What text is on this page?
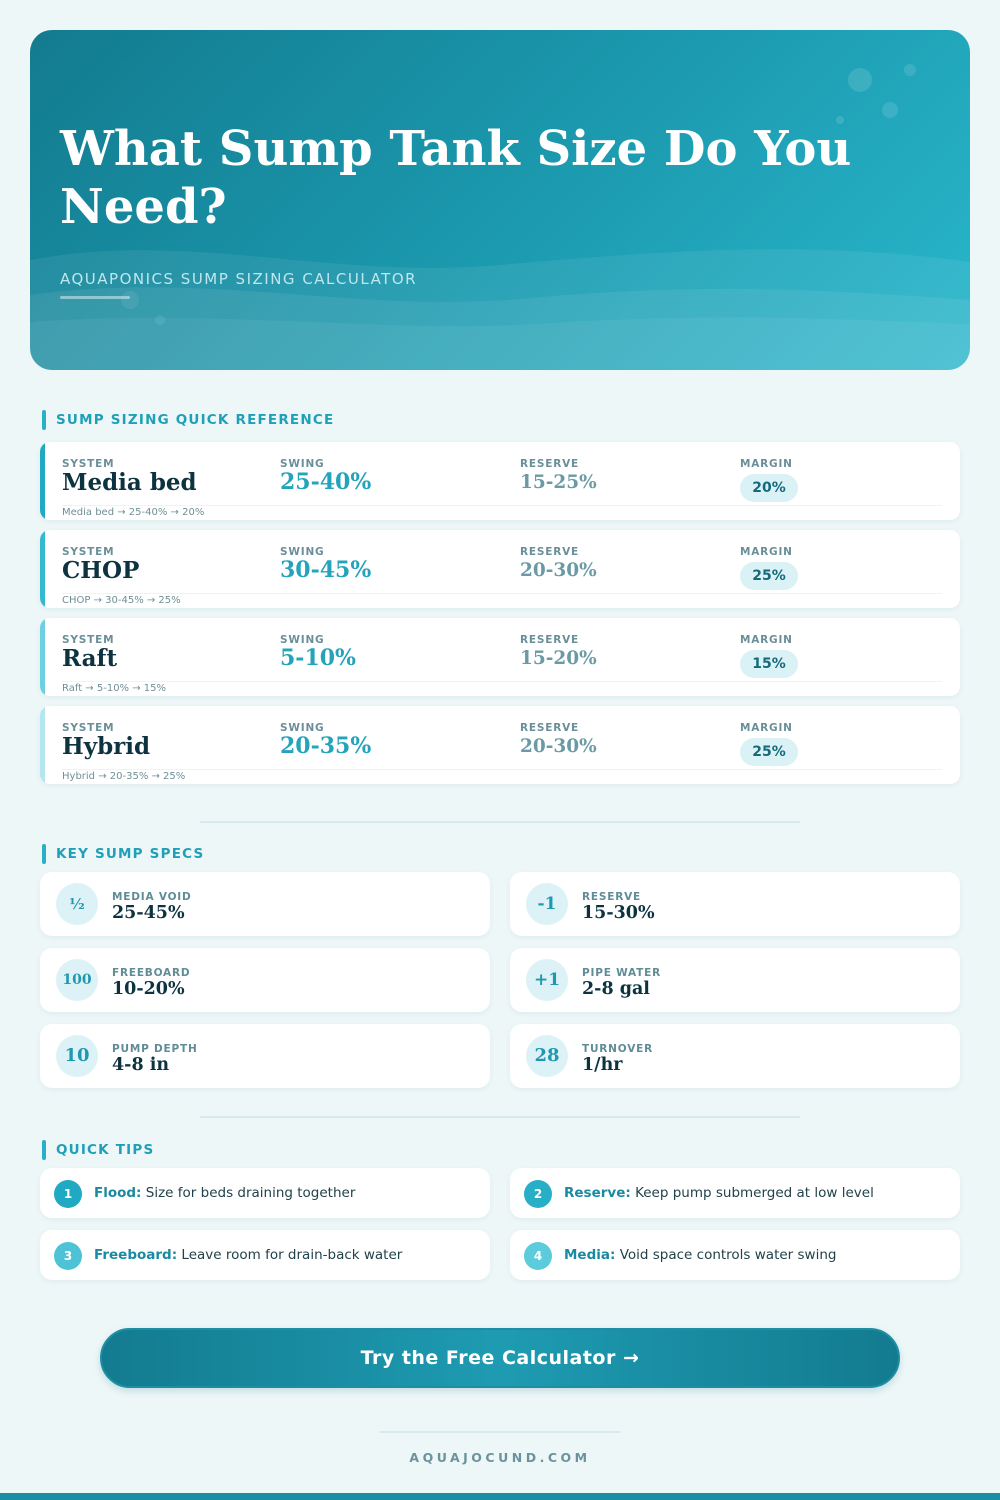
What Sump Tank Size Do You Need?
AQUAPONICS SUMP SIZING CALCULATOR
SUMP SIZING QUICK REFERENCE
SYSTEM	SWING	RESERVE	MARGIN
Media bed	25-40%	15-25%	20%
Media bed → 25-40% → 20%
SYSTEM	SWING	RESERVE	MARGIN
CHOP	30-45%	20-30%	25%
CHOP → 30-45% → 25%
SYSTEM	SWING	RESERVE	MARGIN
Raft	5-10%	15-20%	15%
Raft → 5-10% → 15%
SYSTEM	SWING	RESERVE	MARGIN
Hybrid	20-35%	20-30%	25%
Hybrid → 20-35% → 25%
KEY SUMP SPECS
½	MEDIA VOID
25-45%	-1	RESERVE
15-30%
100	FREEBOARD
10-20%	+1	PIPE WATER
2-8 gal
10	PUMP DEPTH
4-8 in	28	TURNOVER
1/hr
QUICK TIPS
1	Flood: Size for beds draining together	2	Reserve: Keep pump submerged at low level
3	Freeboard: Leave room for drain-back water	4	Media: Void space controls water swing
Try the Free Calculator →
AQUAJOCUND.COM
